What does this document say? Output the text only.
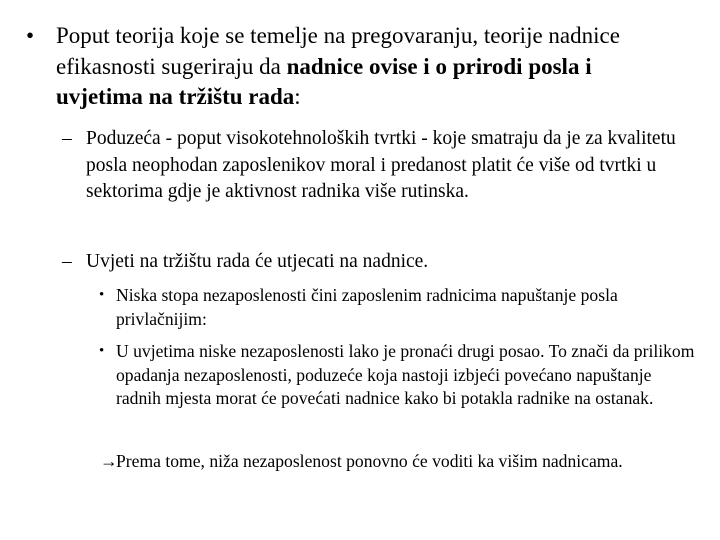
• Poput teorija koje se temelje na pregovaranju, teorije nadnice efikasnosti sugeriraju da nadnice ovise i o prirodi posla i uvjetima na tržištu rada:

– Poduzeća - poput visokotehnoloških tvrtki - koje smatraju da je za kvalitetu posla neophodan zaposlenikov moral i predanost platit će više od tvrtki u sektorima gdje je aktivnost radnika više rutinska.

– Uvjeti na tržištu rada će utjecati na nadnice.

• Niska stopa nezaposlenosti čini zaposlenim radnicima napuštanje posla privlačnijim:

• U uvjetima niske nezaposlenosti lako je pronaći drugi posao. To znači da prilikom opadanja nezaposlenosti, poduzeće koja nastoji izbjeći povećano napuštanje radnih mjesta morat će povećati nadnice kako bi potakla radnike na ostanak.

→
Prema tome, niža nezaposlenost ponovno će voditi ka višim nadnicama.
